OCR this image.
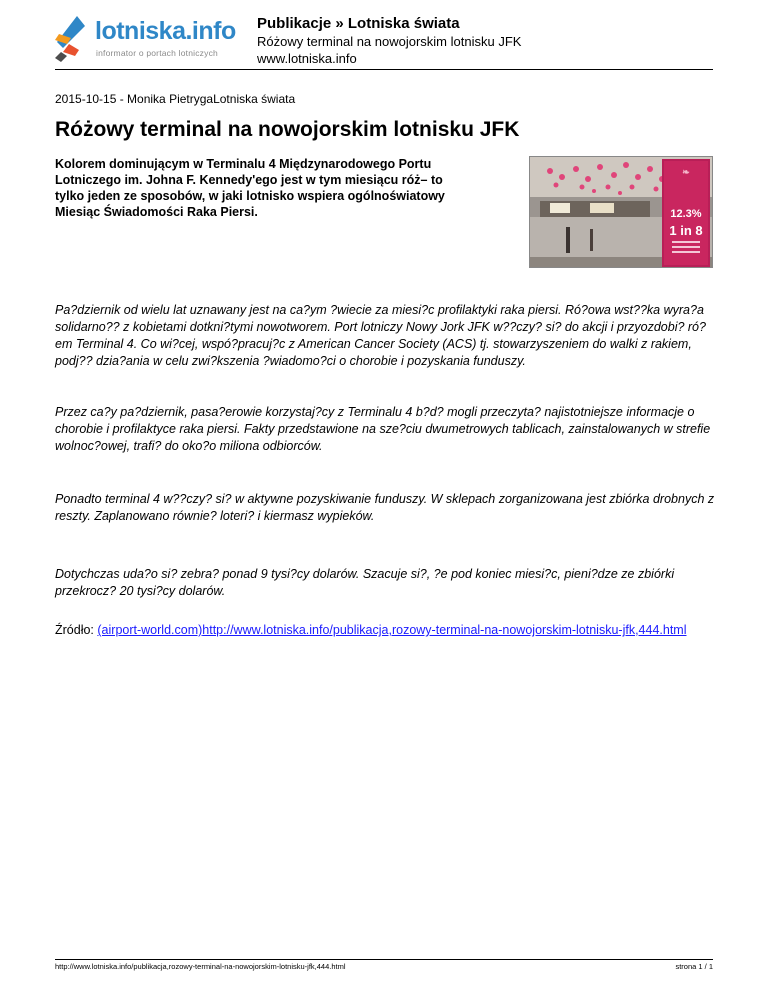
lotniska.info
informator o portach lotniczych
Publikacje » Lotniska świata
Różowy terminal na nowojorskim lotnisku JFK
www.lotniska.info
2015-10-15 - Monika PietrygaLotniska świata
Różowy terminal na nowojorskim lotnisku JFK

Kolorem dominującym w Terminalu 4 Międzynarodowego Portu Lotniczego im. Johna F. Kennedy'ego jest w tym miesiącu róż– to tylko jeden ze sposobów, w jaki lotnisko wspiera ogólnoświatowy Miesiąc Świadomości Raka Piersi.

❧
12.3%
1 in 8

Pa?dziernik od wielu lat uznawany jest na ca?ym ?wiecie za miesi?c profilaktyki raka piersi. Ró?owa wst??ka wyra?a solidarno?? z kobietami dotkni?tymi nowotworem. Port lotniczy Nowy Jork JFK w??czy? si? do akcji i przyozdobi? ró?em Terminal 4. Co wi?cej, wspó?pracuj?c z American Cancer Society (ACS) tj. stowarzyszeniem do walki z rakiem, podj?? dzia?ania w celu zwi?kszenia ?wiadomo?ci o chorobie i pozyskania funduszy.

Przez ca?y pa?dziernik, pasa?erowie korzystaj?cy z Terminalu 4 b?d? mogli przeczyta? najistotniejsze informacje o chorobie i profilaktyce raka piersi. Fakty przedstawione na sze?ciu dwumetrowych tablicach, zainstalowanych w strefie wolnoc?owej, trafi? do oko?o miliona odbiorców.

Ponadto terminal 4 w??czy? si? w aktywne pozyskiwanie funduszy. W sklepach zorganizowana jest zbiórka drobnych z reszty. Zaplanowano równie? loteri? i kiermasz wypieków.

Dotychczas uda?o si? zebra? ponad 9 tysi?cy dolarów. Szacuje si?, ?e pod koniec miesi?c, pieni?dze ze zbiórki przekrocz? 20 tysi?cy dolarów.

Źródło: (airport-world.com)http://www.lotniska.info/publikacja,rozowy-terminal-na-nowojorskim-lotnisku-jfk,444.html
http://www.lotniska.info/publikacja,rozowy-terminal-na-nowojorskim-lotnisku-jfk,444.html	strona 1 / 1
